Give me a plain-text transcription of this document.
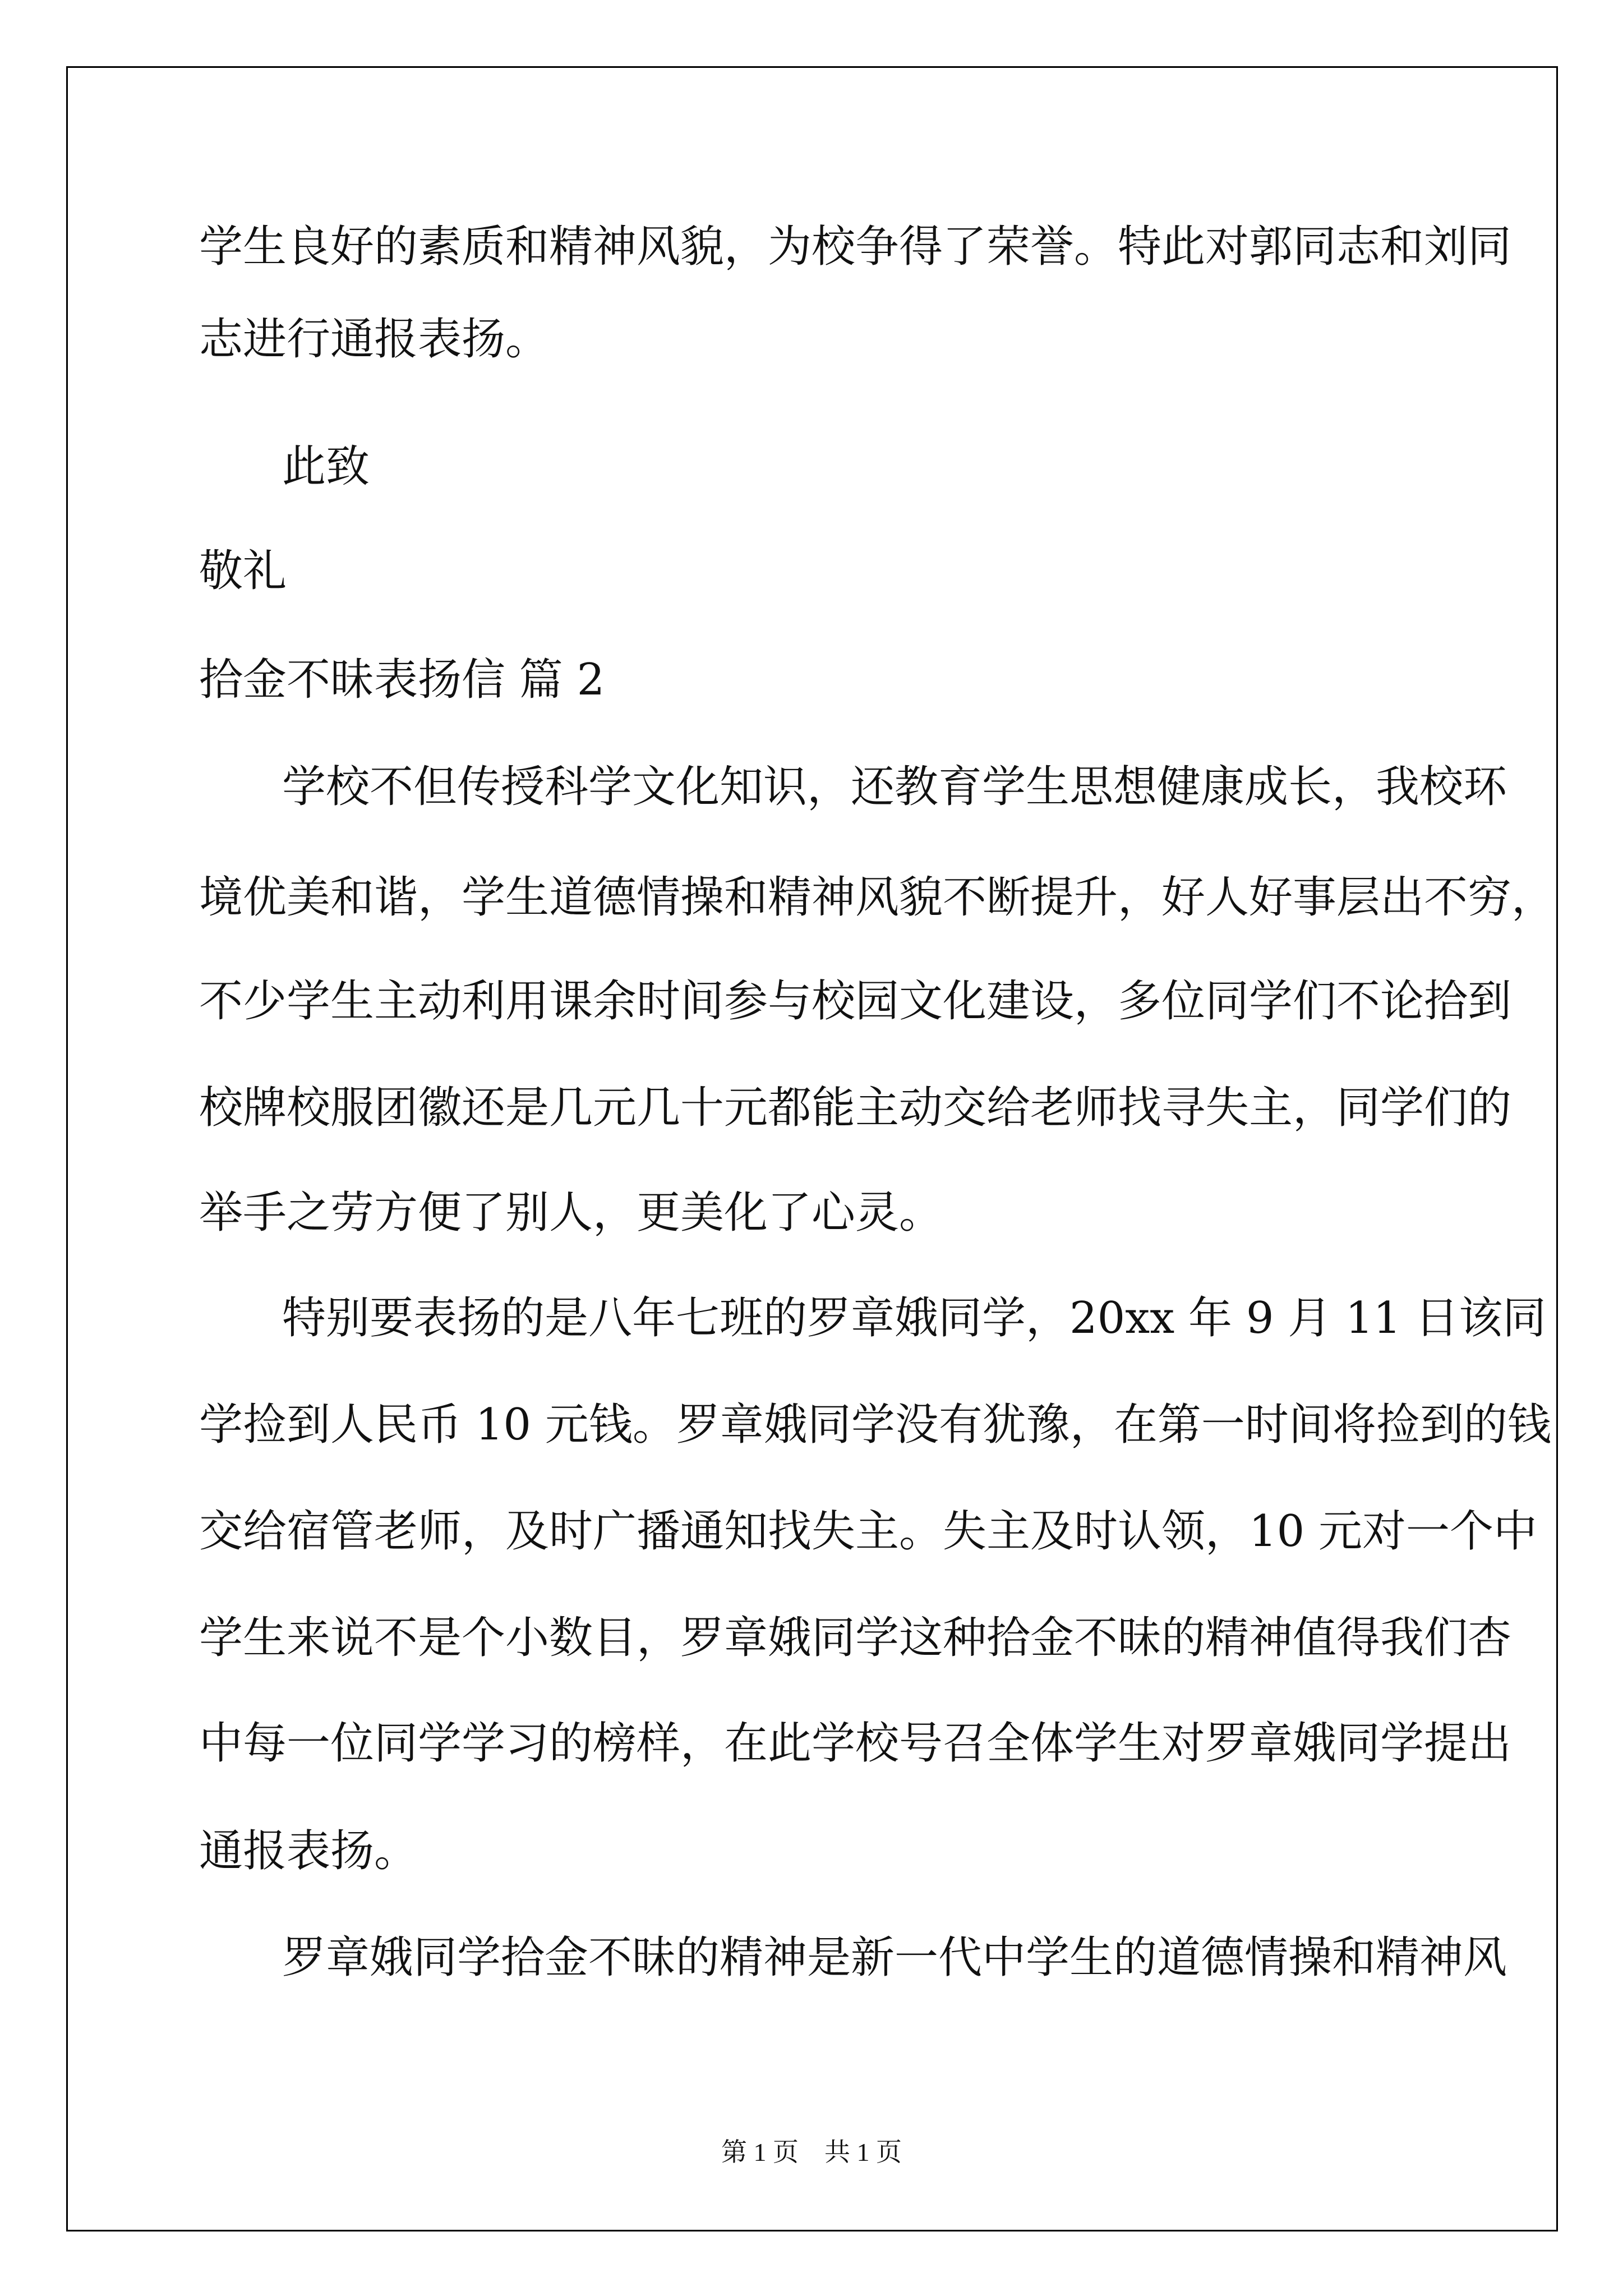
学生良好的素质和精神风貌，为校争得了荣誉。特此对郭同志和刘同
志进行通报表扬。
此致
敬礼
拾金不昧表扬信 篇 2
学校不但传授科学文化知识，还教育学生思想健康成长，我校环
境优美和谐，学生道德情操和精神风貌不断提升，好人好事层出不穷，
不少学生主动利用课余时间参与校园文化建设，多位同学们不论拾到
校牌校服团徽还是几元几十元都能主动交给老师找寻失主，同学们的
举手之劳方便了别人，更美化了心灵。
特别要表扬的是八年七班的罗章娥同学，20xx 年 9 月 11 日该同
学捡到人民币 10 元钱。罗章娥同学没有犹豫，在第一时间将捡到的钱
交给宿管老师，及时广播通知找失主。失主及时认领，10 元对一个中
学生来说不是个小数目，罗章娥同学这种拾金不昧的精神值得我们杏
中每一位同学学习的榜样，在此学校号召全体学生对罗章娥同学提出
通报表扬。
罗章娥同学拾金不昧的精神是新一代中学生的道德情操和精神风
第 1 页    共 1 页
